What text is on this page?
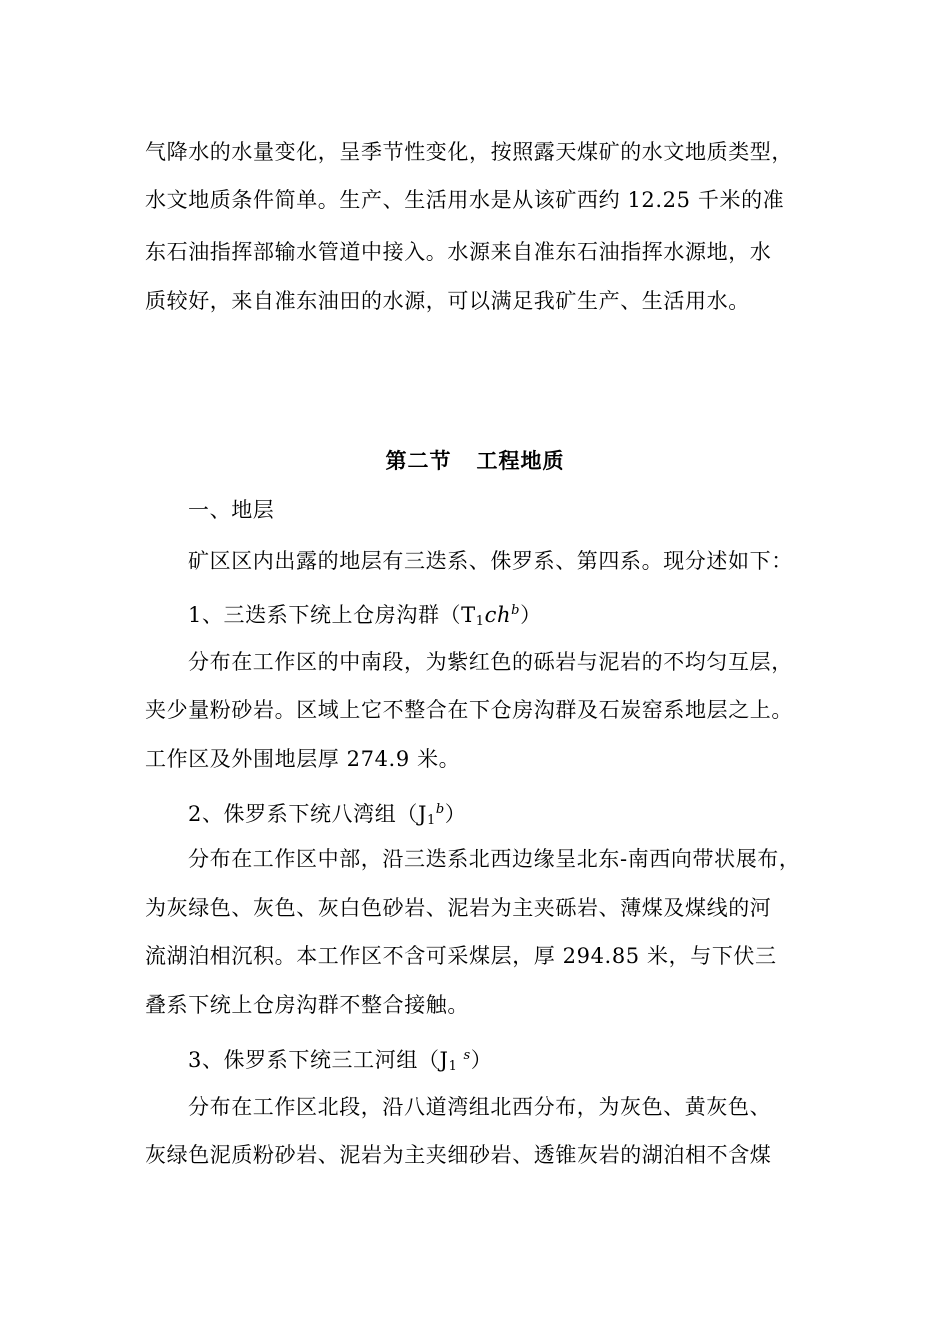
气降水的水量变化，呈季节性变化，按照露天煤矿的水文地质类型，
水文地质条件简单。生产、生活用水是从该矿西约 12.25 千米的准
东石油指挥部输水管道中接入。水源来自准东石油指挥水源地，水
质较好，来自准东油田的水源，可以满足我矿生产、生活用水。
第二节   工程地质
一、地层
矿区区内出露的地层有三迭系、侏罗系、第四系。现分述如下：
1、三迭系下统上仓房沟群$(T_1ch^b)$
分布在工作区的中南段，为紫红色的砾岩与泥岩的不均匀互层，
夹少量粉砂岩。区域上它不整合在下仓房沟群及石炭窑系地层之上。
工作区及外围地层厚 274.9 米。
2、侏罗系下统八湾组$(J_1^b)$
分布在工作区中部，沿三迭系北西边缘呈北东-南西向带状展布，
为灰绿色、灰色、灰白色砂岩、泥岩为主夹砾岩、薄煤及煤线的河
流湖泊相沉积。本工作区不含可采煤层，厚 294.85 米，与下伏三
叠系下统上仓房沟群不整合接触。
3、侏罗系下统三工河组$(J_1^s)$
分布在工作区北段，沿八道湾组北西分布，为灰色、黄灰色、
灰绿色泥质粉砂岩、泥岩为主夹细砂岩、透锥灰岩的湖泊相不含煤
